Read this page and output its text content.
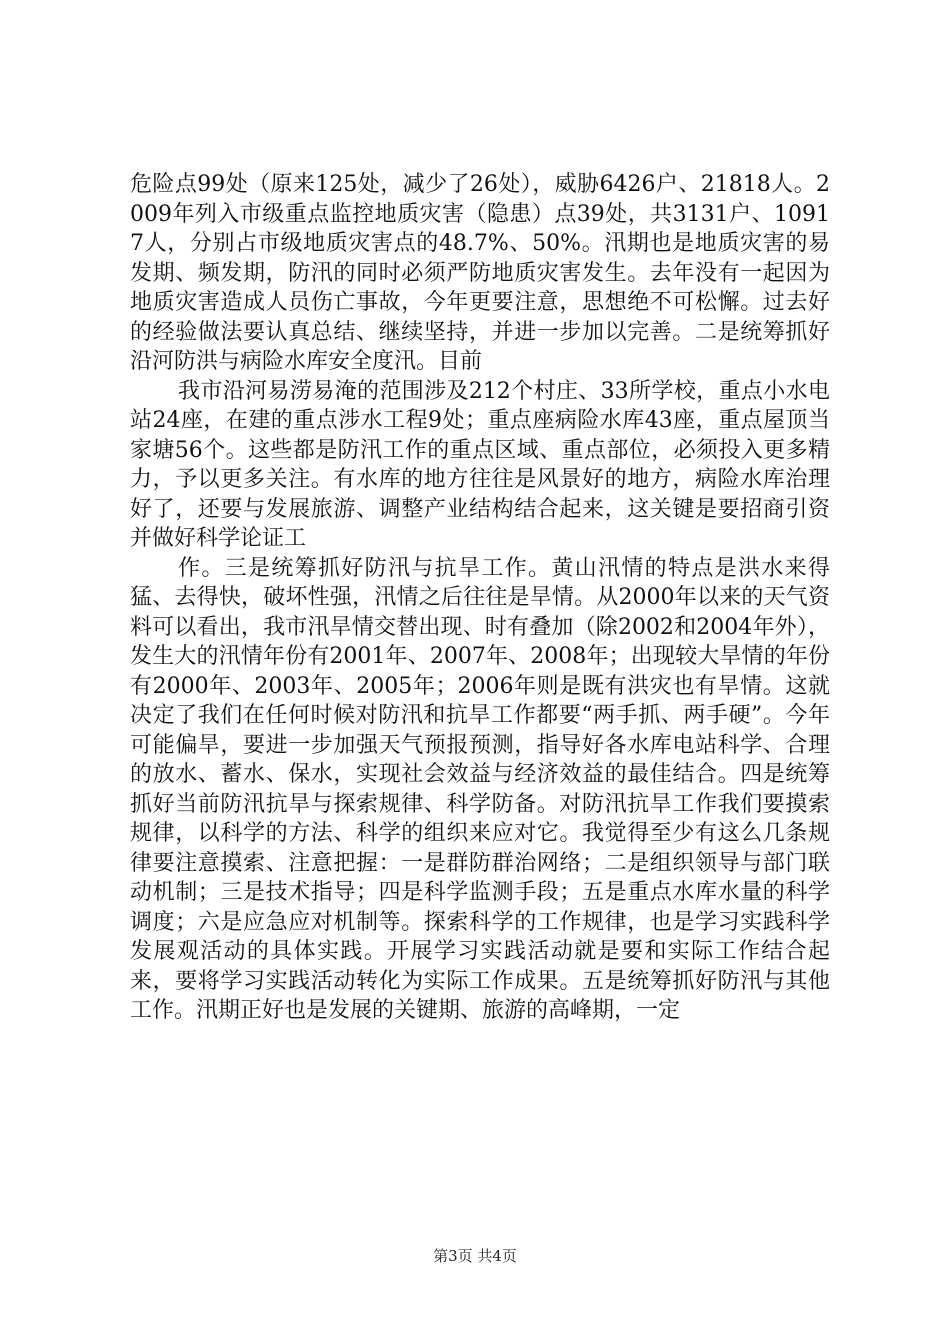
危险点99处（原来125处，减少了26处），威胁6426户、21818人。2009年列入市级重点监控地质灾害（隐患）点39处，共3131户、10917人，分别占市级地质灾害点的48.7%、50%。汛期也是地质灾害的易发期、频发期，防汛的同时必须严防地质灾害发生。去年没有一起因为地质灾害造成人员伤亡事故，今年更要注意，思想绝不可松懈。过去好的经验做法要认真总结、继续坚持，并进一步加以完善。二是统筹抓好沿河防洪与病险水库安全度汛。目前

我市沿河易涝易淹的范围涉及212个村庄、33所学校，重点小水电站24座，在建的重点涉水工程9处；重点座病险水库43座，重点屋顶当家塘56个。这些都是防汛工作的重点区域、重点部位，必须投入更多精力，予以更多关注。有水库的地方往往是风景好的地方，病险水库治理好了，还要与发展旅游、调整产业结构结合起来，这关键是要招商引资并做好科学论证工

作。三是统筹抓好防汛与抗旱工作。黄山汛情的特点是洪水来得猛、去得快，破坏性强，汛情之后往往是旱情。从2000年以来的天气资料可以看出，我市汛旱情交替出现、时有叠加（除2002和2004年外），发生大的汛情年份有2001年、2007年、2008年；出现较大旱情的年份有2000年、2003年、2005年；2006年则是既有洪灾也有旱情。这就决定了我们在任何时候对防汛和抗旱工作都要“两手抓、两手硬”。今年可能偏旱，要进一步加强天气预报预测，指导好各水库电站科学、合理的放水、蓄水、保水，实现社会效益与经济效益的最佳结合。四是统筹抓好当前防汛抗旱与探索规律、科学防备。对防汛抗旱工作我们要摸索规律，以科学的方法、科学的组织来应对它。我觉得至少有这么几条规律要注意摸索、注意把握：一是群防群治网络；二是组织领导与部门联动机制；三是技术指导；四是科学监测手段；五是重点水库水量的科学调度；六是应急应对机制等。探索科学的工作规律，也是学习实践科学发展观活动的具体实践。开展学习实践活动就是要和实际工作结合起来，要将学习实践活动转化为实际工作成果。五是统筹抓好防汛与其他工作。汛期正好也是发展的关键期、旅游的高峰期，一定

第3页 共4页
